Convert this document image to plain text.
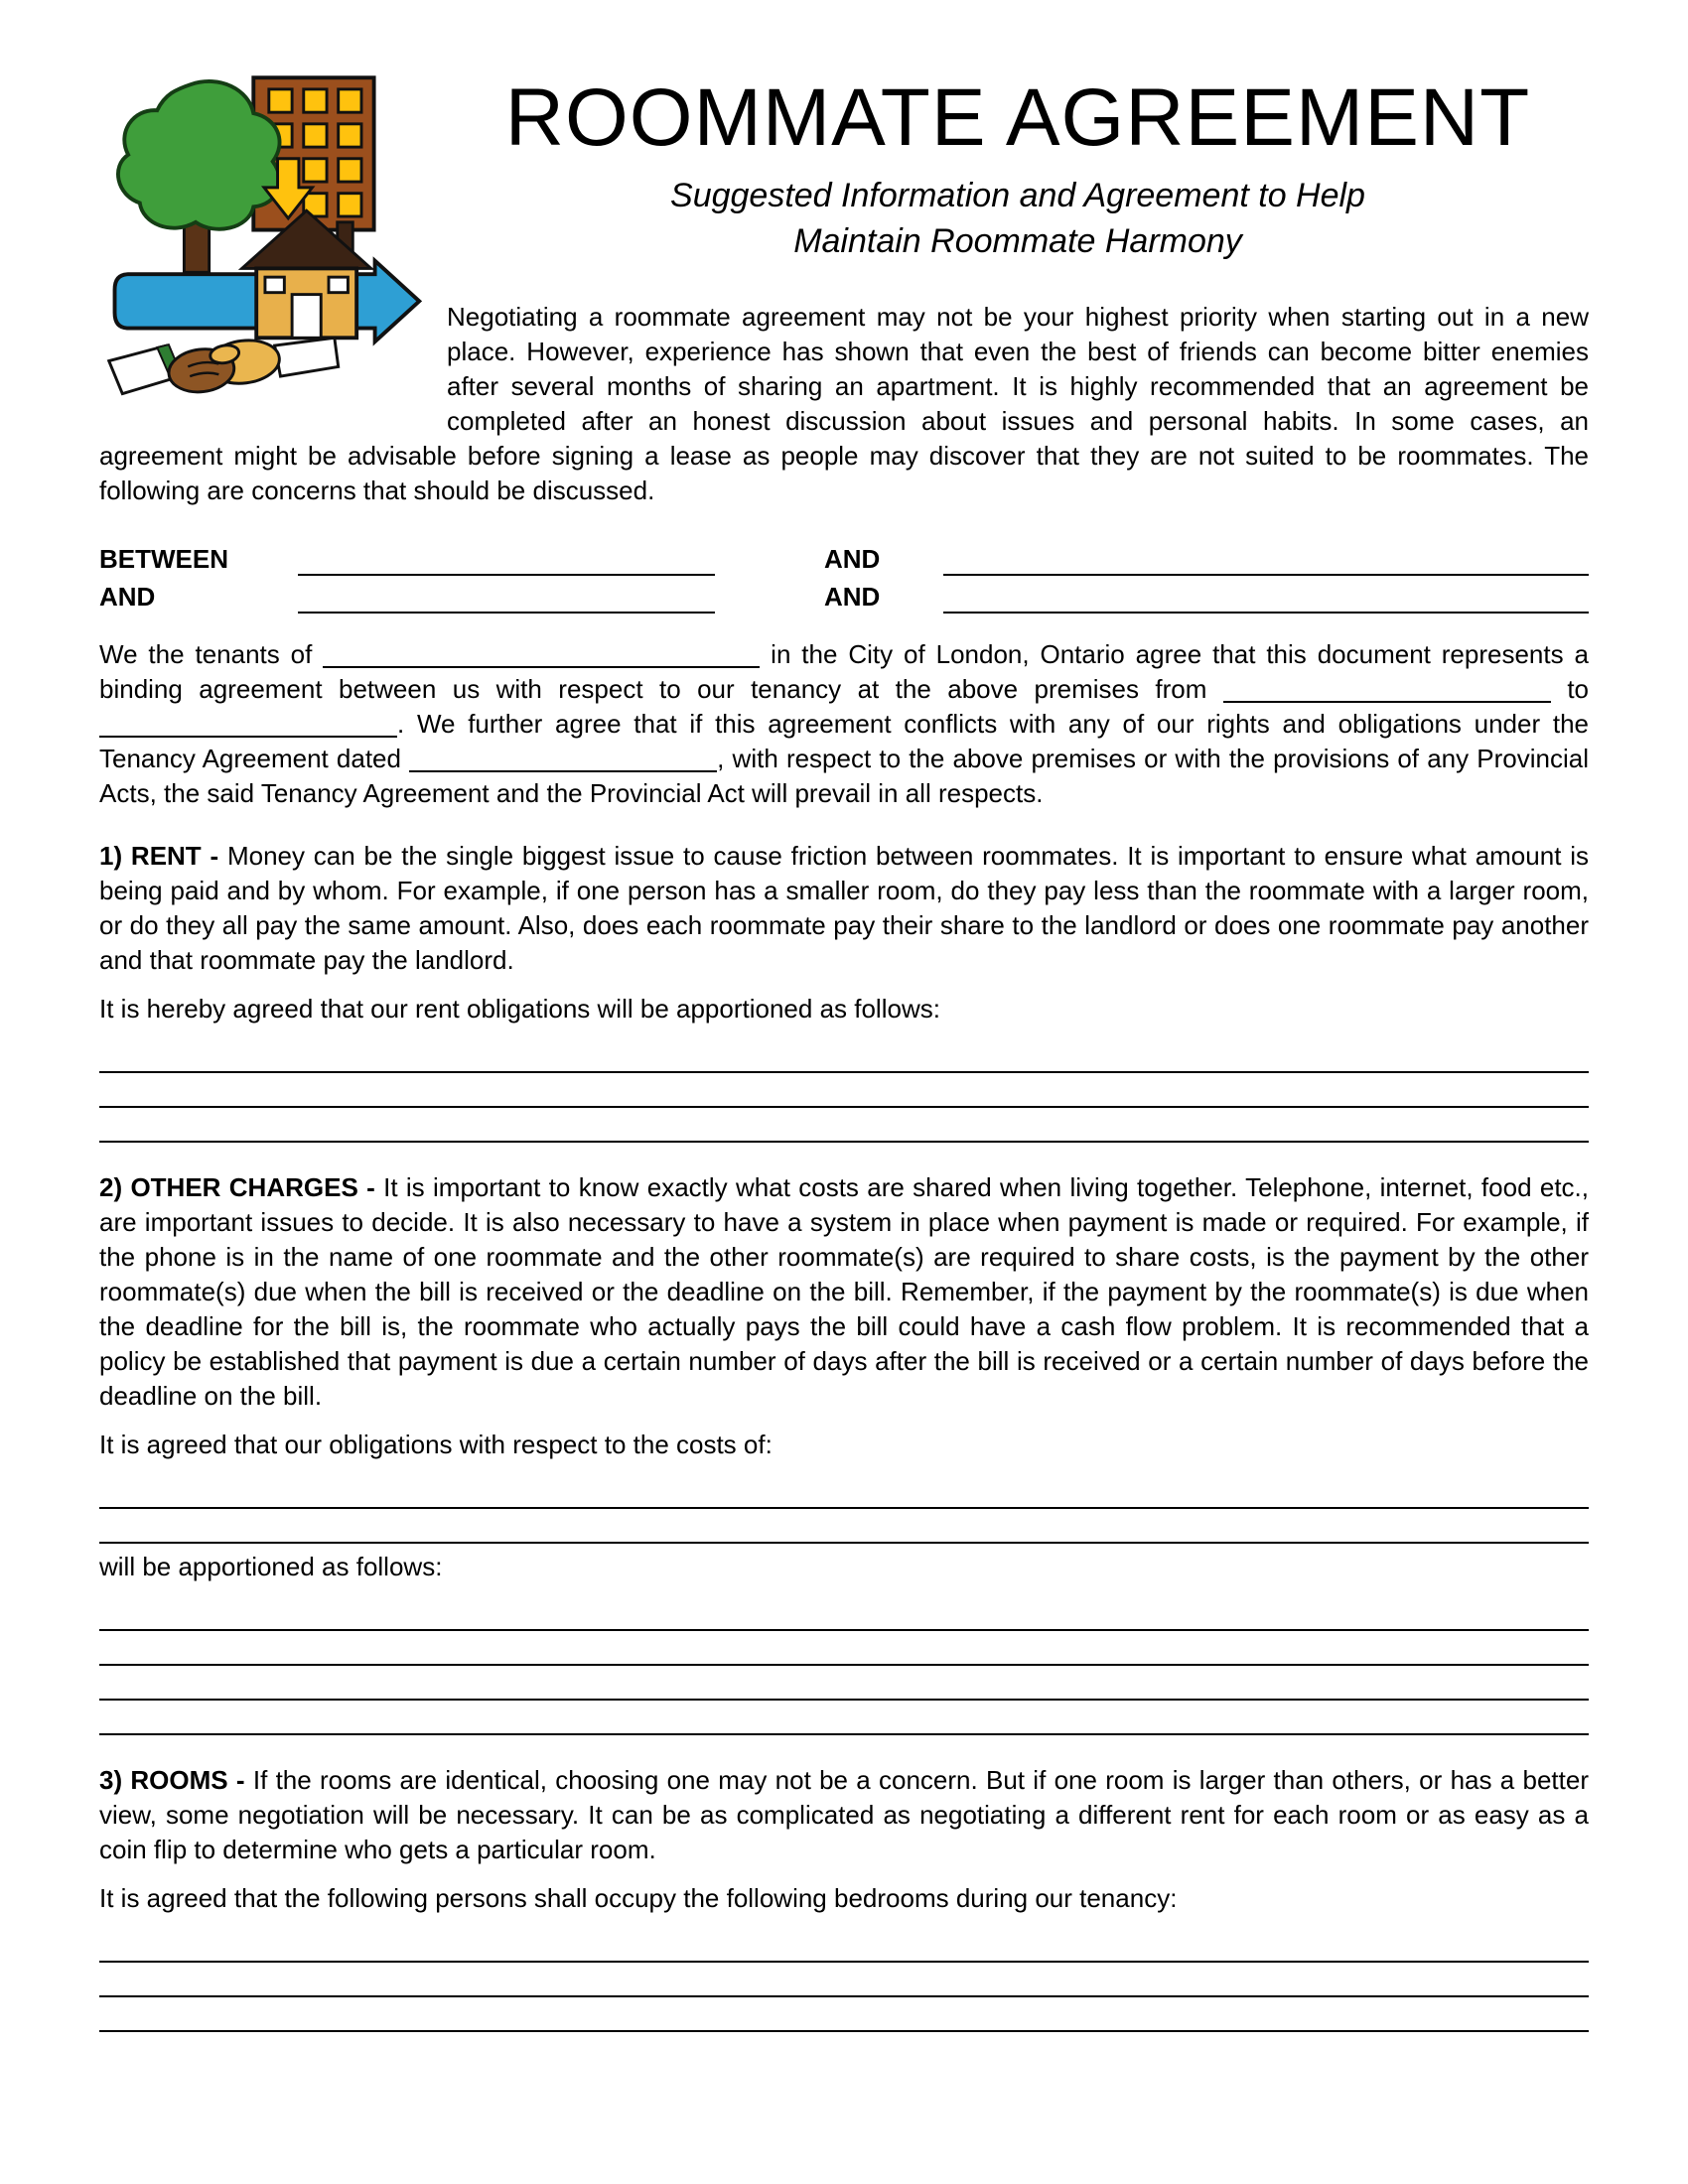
ROOMMATE AGREEMENT
Suggested Information and Agreement to Help
Maintain Roommate Harmony

Negotiating a roommate agreement may not be your highest priority when starting out in a new place. However, experience has shown that even the best of friends can become bitter enemies after several months of sharing an apartment. It is highly recommended that an agreement be completed after an honest discussion about issues and personal habits. In some cases, an agreement might be advisable before signing a lease as people may discover that they are not suited to be roommates. The following are concerns that should be discussed.

BETWEEN	AND
AND	AND

We the tenants of	in the City of London, Ontario agree that this document represents a binding agreement between us with respect to our tenancy at the above premises from	to . We further agree that if this agreement conflicts with any of our rights and obligations under the Tenancy Agreement dated	, with respect to the above premises or with the provisions of any Provincial Acts, the said Tenancy Agreement and the Provincial Act will prevail in all respects.

1) RENT - Money can be the single biggest issue to cause friction between roommates. It is important to ensure what amount is being paid and by whom. For example, if one person has a smaller room, do they pay less than the roommate with a larger room, or do they all pay the same amount. Also, does each roommate pay their share to the landlord or does one roommate pay another and that roommate pay the landlord.

It is hereby agreed that our rent obligations will be apportioned as follows:

2) OTHER CHARGES - It is important to know exactly what costs are shared when living together. Telephone, internet, food etc., are important issues to decide. It is also necessary to have a system in place when payment is made or required. For example, if the phone is in the name of one roommate and the other roommate(s) are required to share costs, is the payment by the other roommate(s) due when the bill is received or the deadline on the bill. Remember, if the payment by the roommate(s) is due when the deadline for the bill is, the roommate who actually pays the bill could have a cash flow problem. It is recommended that a policy be established that payment is due a certain number of days after the bill is received or a certain number of days before the deadline on the bill.

It is agreed that our obligations with respect to the costs of:

will be apportioned as follows:

3) ROOMS - If the rooms are identical, choosing one may not be a concern. But if one room is larger than others, or has a better view, some negotiation will be necessary. It can be as complicated as negotiating a different rent for each room or as easy as a coin flip to determine who gets a particular room.

It is agreed that the following persons shall occupy the following bedrooms during our tenancy:
